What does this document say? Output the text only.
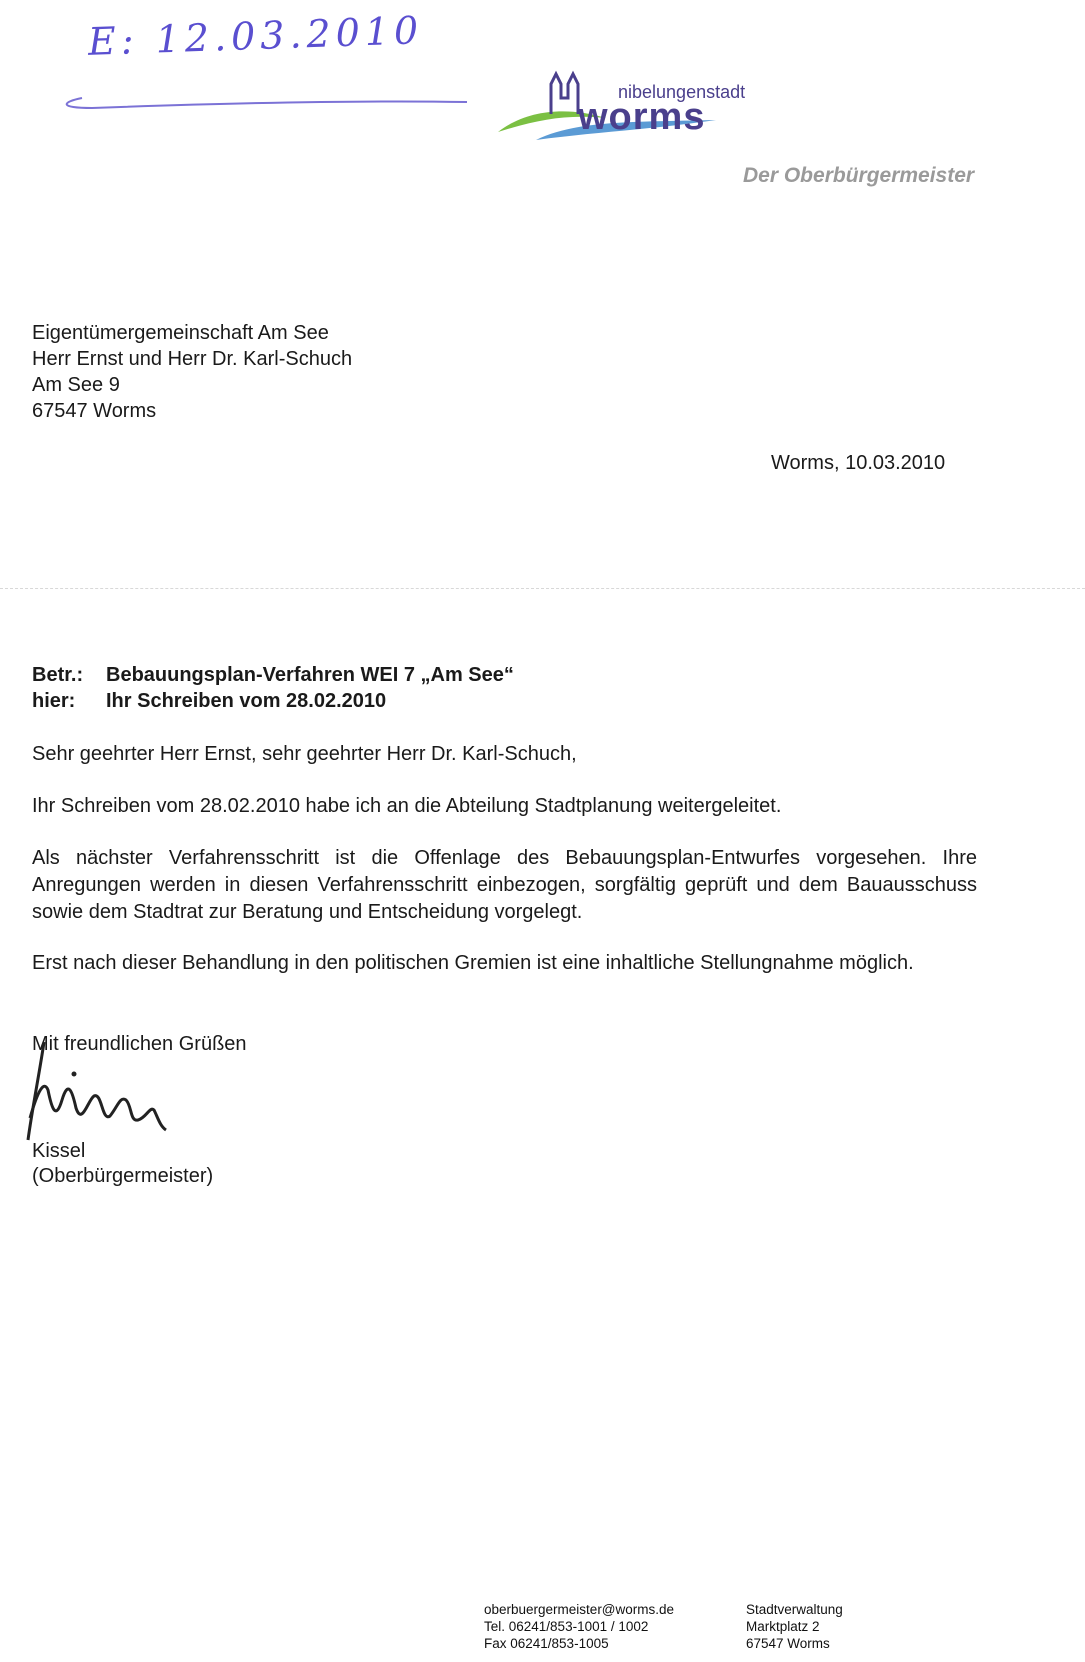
E: 12.03.2010
nibelungenstadt
worms
Der Oberbürgermeister
Eigentümergemeinschaft Am See
Herr Ernst und Herr Dr. Karl-Schuch
Am See 9
67547 Worms
Worms, 10.03.2010
Betr.:	Bebauungsplan-Verfahren WEI 7 „Am See“
hier:	Ihr Schreiben vom 28.02.2010

Sehr geehrter Herr Ernst, sehr geehrter Herr Dr. Karl-Schuch,

Ihr Schreiben vom 28.02.2010 habe ich an die Abteilung Stadtplanung weitergeleitet.

Als nächster Verfahrensschritt ist die Offenlage des Bebauungsplan-Entwurfes vorgesehen. Ihre Anregungen werden in diesen Verfahrensschritt einbezogen, sorgfältig geprüft und dem Bauausschuss sowie dem Stadtrat zur Beratung und Entscheidung vorgelegt.

Erst nach dieser Behandlung in den politischen Gremien ist eine inhaltliche Stellungnahme möglich.

Mit freundlichen Grüßen

Kissel

(Oberbürgermeister)

oberbuergermeister@worms.de
Tel. 06241/853-1001 / 1002
Fax 06241/853-1005
Stadtverwaltung
Marktplatz 2
67547 Worms
